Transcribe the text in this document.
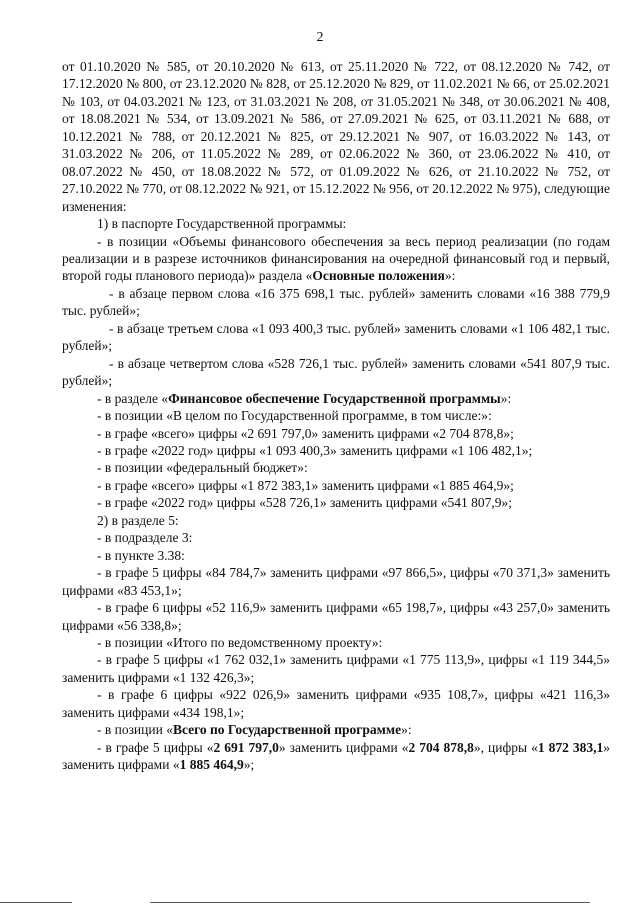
2

от 01.10.2020 № 585, от 20.10.2020 № 613, от 25.11.2020 № 722, от 08.12.2020 № 742, от 17.12.2020 № 800, от 23.12.2020 № 828, от 25.12.2020 № 829, от 11.02.2021 № 66, от 25.02.2021 № 103, от 04.03.2021 № 123, от 31.03.2021 № 208, от 31.05.2021 № 348, от 30.06.2021 № 408, от 18.08.2021 № 534, от 13.09.2021 № 586, от 27.09.2021 № 625, от 03.11.2021 № 688, от 10.12.2021 № 788, от 20.12.2021 № 825, от 29.12.2021 № 907, от 16.03.2022 № 143, от 31.03.2022 № 206, от 11.05.2022 № 289, от 02.06.2022 № 360, от 23.06.2022 № 410, от 08.07.2022 № 450, от 18.08.2022 № 572, от 01.09.2022 № 626, от 21.10.2022 № 752, от 27.10.2022 № 770, от 08.12.2022 № 921, от 15.12.2022 № 956, от 20.12.2022 № 975), следующие изменения:

1) в паспорте Государственной программы:

- в позиции «Объемы финансового обеспечения за весь период реализации (по годам реализации и в разрезе источников финансирования на очередной финансовый год и первый, второй годы планового периода)» раздела «Основные положения»:

- в абзаце первом слова «16 375 698,1 тыс. рублей» заменить словами «16 388 779,9 тыс. рублей»;

- в абзаце третьем слова «1 093 400,3 тыс. рублей» заменить словами «1 106 482,1 тыс. рублей»;

- в абзаце четвертом слова «528 726,1 тыс. рублей» заменить словами «541 807,9 тыс. рублей»;

- в разделе «Финансовое обеспечение Государственной программы»:

- в позиции «В целом по Государственной программе, в том числе:»:

- в графе «всего» цифры «2 691 797,0» заменить цифрами «2 704 878,8»;

- в графе «2022 год» цифры «1 093 400,3» заменить цифрами «1 106 482,1»;

- в позиции «федеральный бюджет»:

- в графе «всего» цифры «1 872 383,1» заменить цифрами «1 885 464,9»;

- в графе «2022 год» цифры «528 726,1» заменить цифрами «541 807,9»;

2) в разделе 5:

- в подразделе 3:

- в пункте 3.38:

- в графе 5 цифры «84 784,7» заменить цифрами «97 866,5», цифры «70 371,3» заменить цифрами «83 453,1»;

- в графе 6 цифры «52 116,9» заменить цифрами «65 198,7», цифры «43 257,0» заменить цифрами «56 338,8»;

- в позиции «Итого по ведомственному проекту»:

- в графе 5 цифры «1 762 032,1» заменить цифрами «1 775 113,9», цифры «1 119 344,5» заменить цифрами «1 132 426,3»;

- в графе 6 цифры «922 026,9» заменить цифрами «935 108,7», цифры «421 116,3» заменить цифрами «434 198,1»;

- в позиции «Всего по Государственной программе»:

- в графе 5 цифры «2 691 797,0» заменить цифрами «2 704 878,8», цифры «1 872 383,1» заменить цифрами «1 885 464,9»;
